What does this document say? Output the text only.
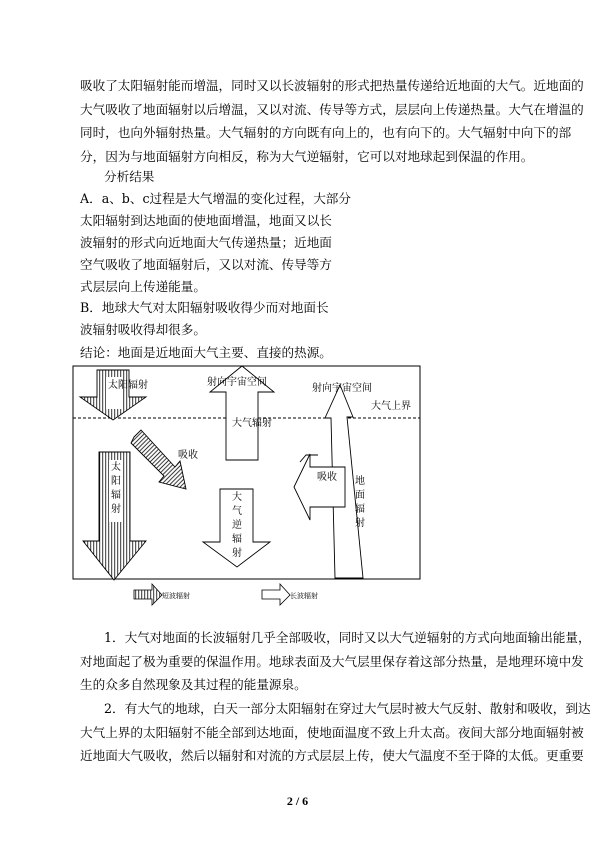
吸收了太阳辐射能而增温，同时又以长波辐射的形式把热量传递给近地面的大气。近地面的
大气吸收了地面辐射以后增温，又以对流、传导等方式，层层向上传递热量。大气在增温的
同时，也向外辐射热量。大气辐射的方向既有向上的，也有向下的。大气辐射中向下的部
分，因为与地面辐射方向相反，称为大气逆辐射，它可以对地球起到保温的作用。
分析结果
A．a、b、c过程是大气增温的变化过程，大部分
太阳辐射到达地面的使地面增温，地面又以长
波辐射的形式向近地面大气传递热量；近地面
空气吸收了地面辐射后，又以对流、传导等方
式层层向上传递能量。
B．地球大气对太阳辐射吸收得少而对地面长
波辐射吸收得却很多。
结论：地面是近地面大气主要、直接的热源。
太阳辐射
吸收
射向宇宙空间
大气辐射
射向宇宙空间
大气上界
吸收
太
阳
辐
射
大
气
逆
辐
射
地
面
辐
射
短波辐射	长波辐射
1．大气对地面的长波辐射几乎全部吸收，同时又以大气逆辐射的方式向地面输出能量，
对地面起了极为重要的保温作用。地球表面及大气层里保存着这部分热量，是地理环境中发
生的众多自然现象及其过程的能量源泉。
2．有大气的地球，白天一部分太阳辐射在穿过大气层时被大气反射、散射和吸收，到达
大气上界的太阳辐射不能全部到达地面，使地面温度不致上升太高。夜间大部分地面辐射被
近地面大气吸收，然后以辐射和对流的方式层层上传，使大气温度不至于降的太低。更重要
2 / 6
